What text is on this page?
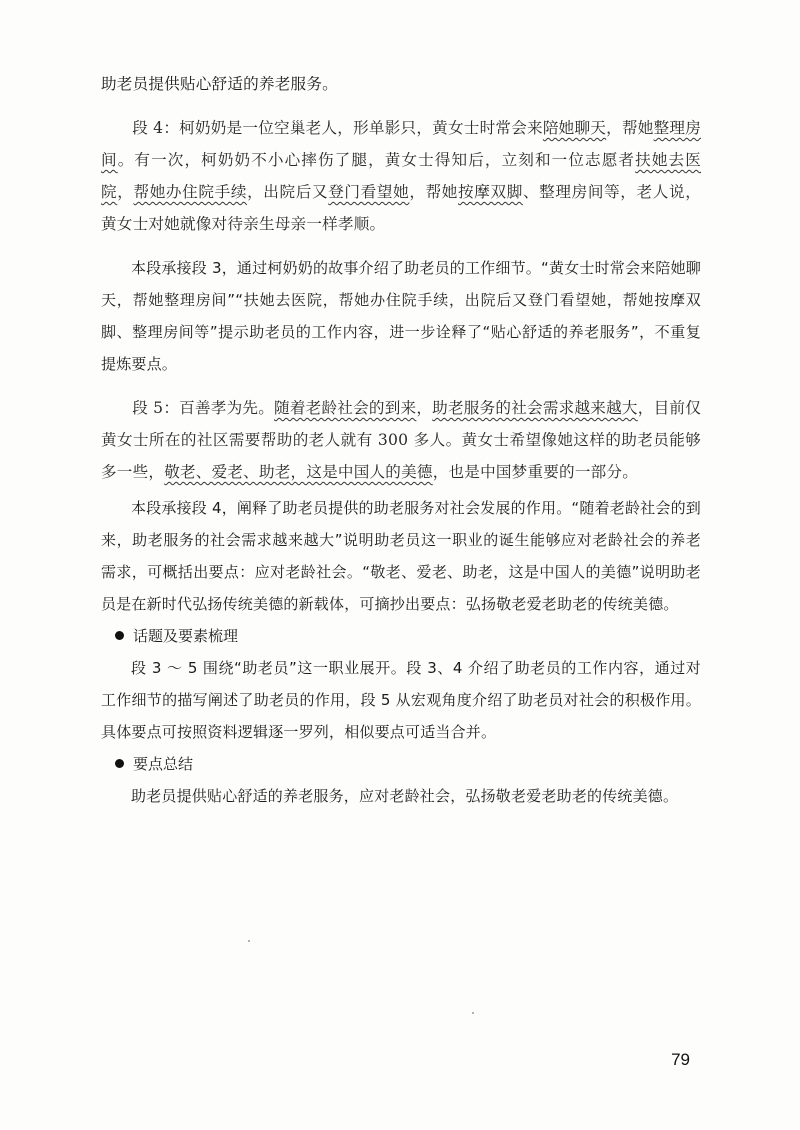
助老员提供贴心舒适的养老服务。

段 4：柯奶奶是一位空巢老人，形单影只，黄女士时常会来陪她聊天，帮她整理房间。有一次，柯奶奶不小心摔伤了腿，黄女士得知后，立刻和一位志愿者扶她去医院，帮她办住院手续，出院后又登门看望她，帮她按摩双脚、整理房间等，老人说，黄女士对她就像对待亲生母亲一样孝顺。

本段承接段 3，通过柯奶奶的故事介绍了助老员的工作细节。“黄女士时常会来陪她聊天，帮她整理房间”“扶她去医院，帮她办住院手续，出院后又登门看望她，帮她按摩双脚、整理房间等”提示助老员的工作内容，进一步诠释了“贴心舒适的养老服务”，不重复提炼要点。

段 5：百善孝为先。随着老龄社会的到来，助老服务的社会需求越来越大，目前仅黄女士所在的社区需要帮助的老人就有 300 多人。黄女士希望像她这样的助老员能够多一些，敬老、爱老、助老，这是中国人的美德，也是中国梦重要的一部分。

本段承接段 4，阐释了助老员提供的助老服务对社会发展的作用。“随着老龄社会的到来，助老服务的社会需求越来越大”说明助老员这一职业的诞生能够应对老龄社会的养老需求，可概括出要点：应对老龄社会。“敬老、爱老、助老，这是中国人的美德”说明助老员是在新时代弘扬传统美德的新载体，可摘抄出要点：弘扬敬老爱老助老的传统美德。

话题及要素梳理

段 3 ～ 5 围绕“助老员”这一职业展开。段 3、4 介绍了助老员的工作内容，通过对工作细节的描写阐述了助老员的作用，段 5 从宏观角度介绍了助老员对社会的积极作用。具体要点可按照资料逻辑逐一罗列，相似要点可适当合并。

要点总结

助老员提供贴心舒适的养老服务，应对老龄社会，弘扬敬老爱老助老的传统美德。

79
